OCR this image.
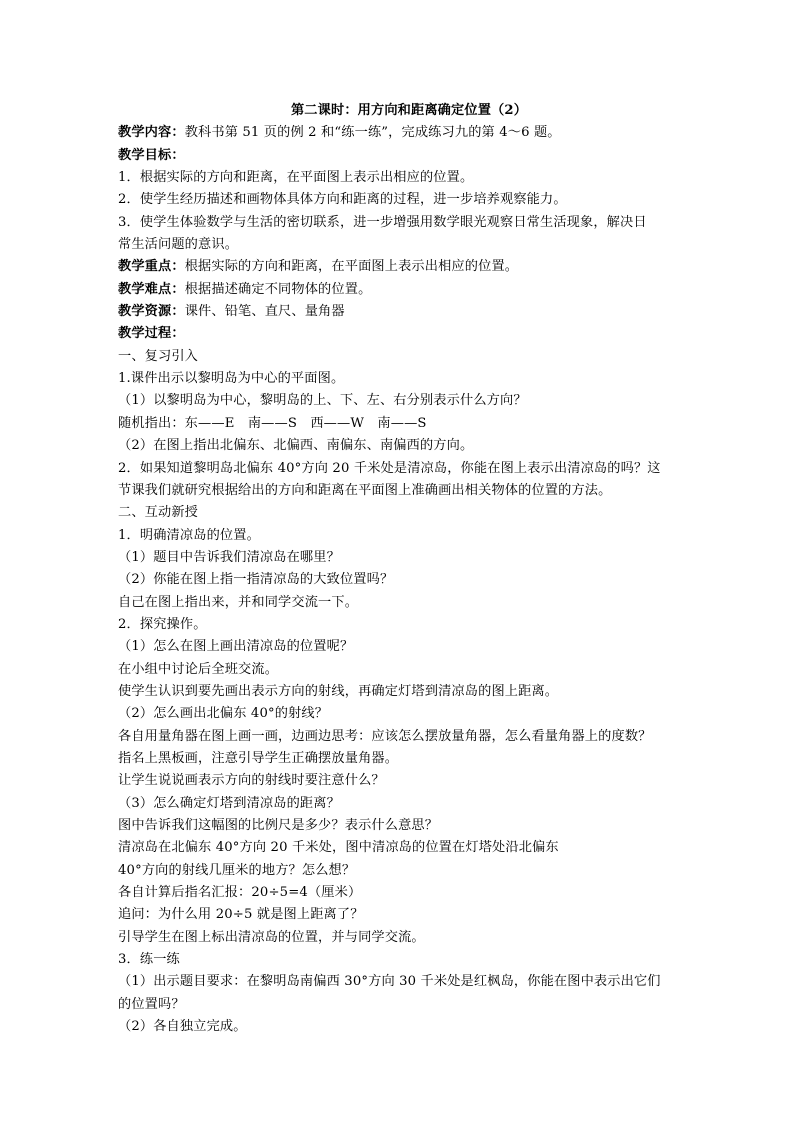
第二课时：用方向和距离确定位置（2）
教学内容：教科书第 51 页的例 2 和“练一练”，完成练习九的第 4～6 题。
教学目标：
1．根据实际的方向和距离，在平面图上表示出相应的位置。
2．使学生经历描述和画物体具体方向和距离的过程，进一步培养观察能力。
3．使学生体验数学与生活的密切联系，进一步增强用数学眼光观察日常生活现象，解决日
常生活问题的意识。
教学重点：根据实际的方向和距离，在平面图上表示出相应的位置。
教学难点：根据描述确定不同物体的位置。
教学资源：课件、铅笔、直尺、量角器
教学过程：
一、复习引入
1.课件出示以黎明岛为中心的平面图。
（1）以黎明岛为中心，黎明岛的上、下、左、右分别表示什么方向？
随机指出：东——E　南——S　西——W　南——S
（2）在图上指出北偏东、北偏西、南偏东、南偏西的方向。
2．如果知道黎明岛北偏东 40°方向 20 千米处是清凉岛，你能在图上表示出清凉岛的吗？这
节课我们就研究根据给出的方向和距离在平面图上准确画出相关物体的位置的方法。
二、互动新授
1．明确清凉岛的位置。
（1）题目中告诉我们清凉岛在哪里？
（2）你能在图上指一指清凉岛的大致位置吗？
自己在图上指出来，并和同学交流一下。
2．探究操作。
（1）怎么在图上画出清凉岛的位置呢？
在小组中讨论后全班交流。
使学生认识到要先画出表示方向的射线，再确定灯塔到清凉岛的图上距离。
（2）怎么画出北偏东 40°的射线？
各自用量角器在图上画一画，边画边思考：应该怎么摆放量角器，怎么看量角器上的度数？
指名上黑板画，注意引导学生正确摆放量角器。
让学生说说画表示方向的射线时要注意什么？
（3）怎么确定灯塔到清凉岛的距离？
图中告诉我们这幅图的比例尺是多少？表示什么意思？
清凉岛在北偏东 40°方向 20 千米处，图中清凉岛的位置在灯塔处沿北偏东
40°方向的射线几厘米的地方？怎么想？
各自计算后指名汇报：20÷5=4（厘米）
追问：为什么用 20÷5 就是图上距离了？
引导学生在图上标出清凉岛的位置，并与同学交流。
3．练一练
（1）出示题目要求：在黎明岛南偏西 30°方向 30 千米处是红枫岛，你能在图中表示出它们
的位置吗？
（2）各自独立完成。
